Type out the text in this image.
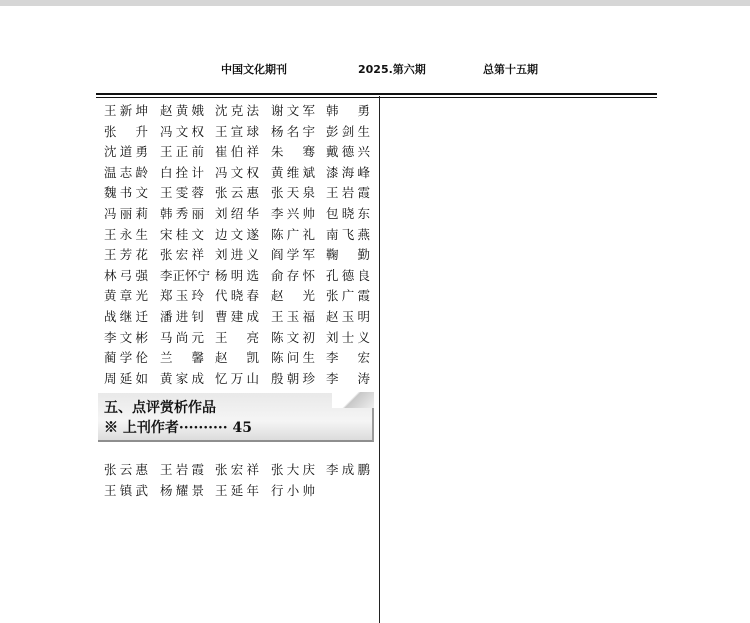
中国文化期刊	2025.第六期	总第十五期
王新坤 赵黄娥 沈克法 谢文军 韩 勇
张 升 冯文权 王宣球 杨名宇 彭剑生
沈道勇 王正前 崔伯祥 朱 骞 戴德兴
温志龄 白拴计 冯文权 黄维斌 漆海峰
魏书文 王雯蓉 张云惠 张天泉 王岩霞
冯丽莉 韩秀丽 刘绍华 李兴帅 包晓东
王永生 宋桂文 边文遂 陈广礼 南飞燕
王芳花 张宏祥 刘进义 阎学军 鞠 勤
林弓强 李正怀宁 杨明选 俞存怀 孔德良
黄章光 郑玉玲 代晓春 赵 光 张广霞
战继迁 潘进钊 曹建成 王玉福 赵玉明
李文彬 马尚元 王 亮 陈文初 刘士义
蔺学伦 兰 馨 赵 凯 陈问生 李 宏
周延如 黄家成 忆万山 殷朝珍 李 涛
五、点评赏析作品
※ 上刊作者·········· 45
张云惠 王岩霞 张宏祥 张大庆 李成鹏
王镇武 杨耀景 王延年 行小帅
